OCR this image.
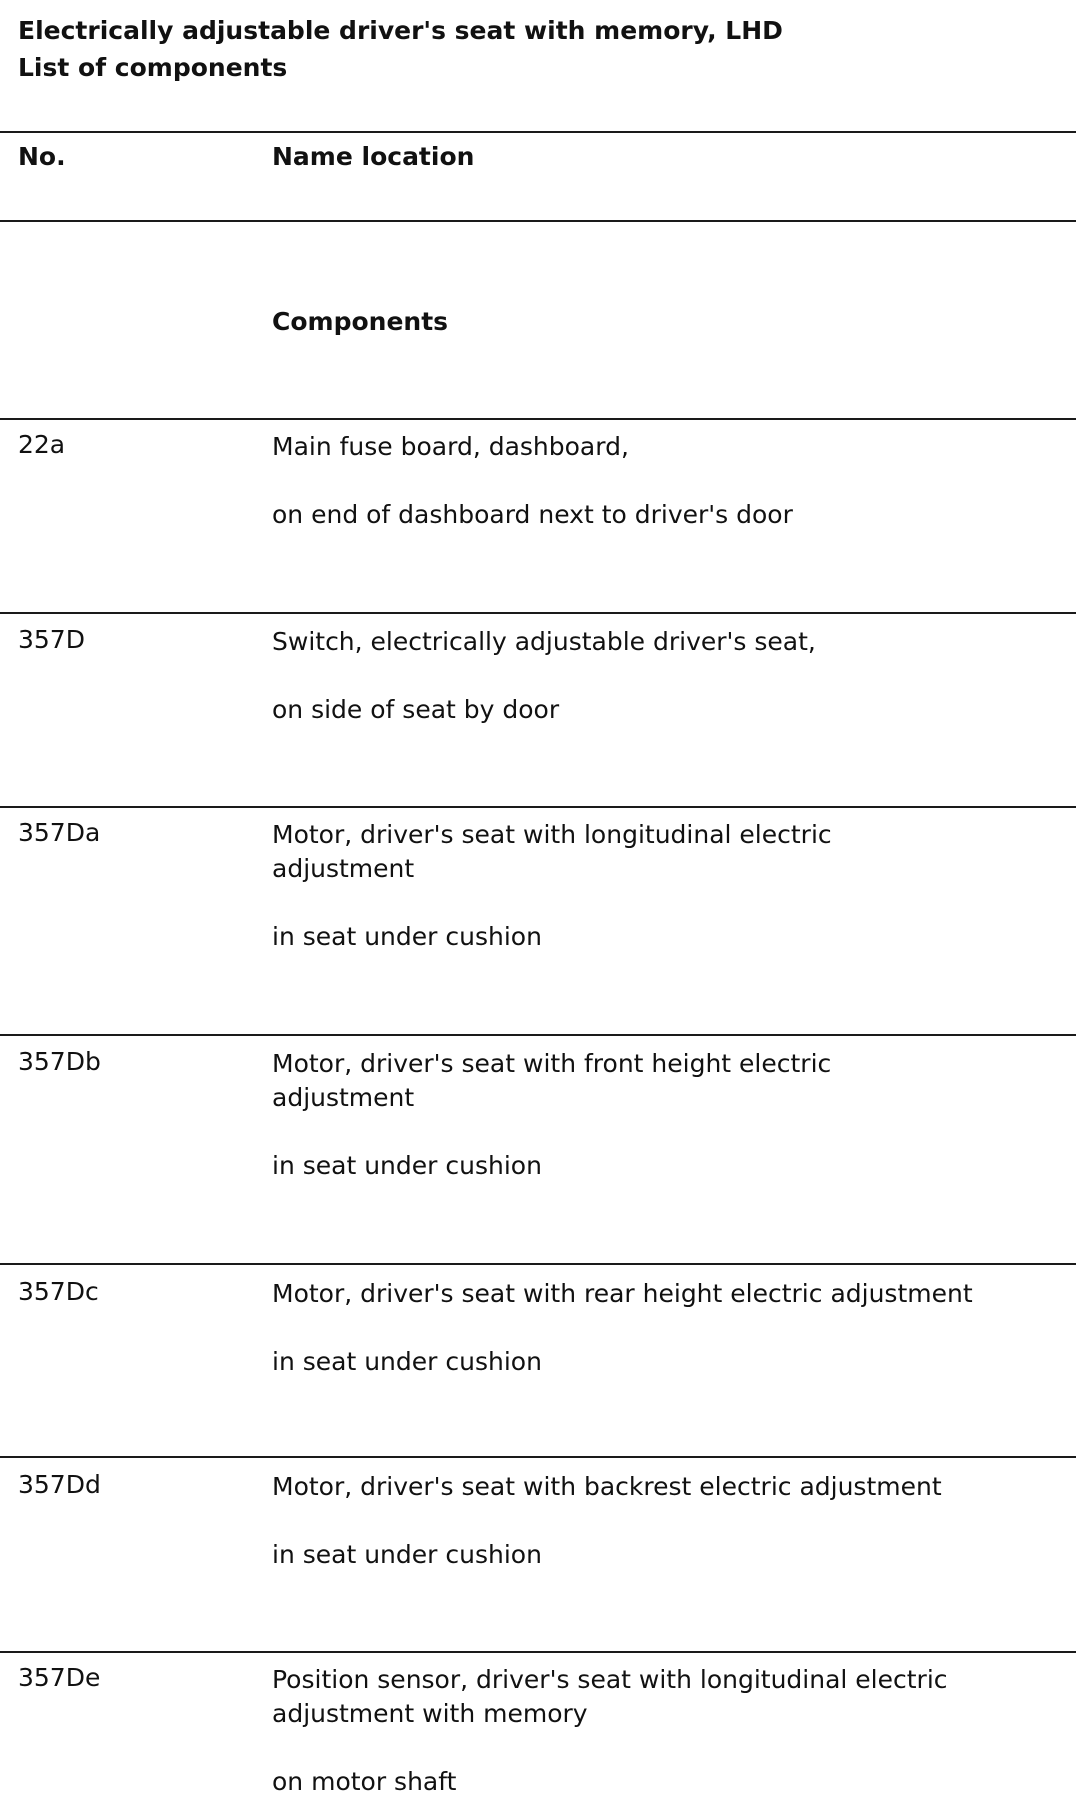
Electrically adjustable driver's seat with memory, LHD
List of components
No.	Name location
Components
22a	Main fuse board, dashboard,
on end of dashboard next to driver's door
357D	Switch, electrically adjustable driver's seat,
on side of seat by door
357Da	Motor, driver's seat with longitudinal electric adjustment
in seat under cushion
357Db	Motor, driver's seat with front height electric adjustment
in seat under cushion
357Dc	Motor, driver's seat with rear height electric adjustment
in seat under cushion
357Dd	Motor, driver's seat with backrest electric adjustment
in seat under cushion
357De	Position sensor, driver's seat with longitudinal electric adjustment with memory
on motor shaft
